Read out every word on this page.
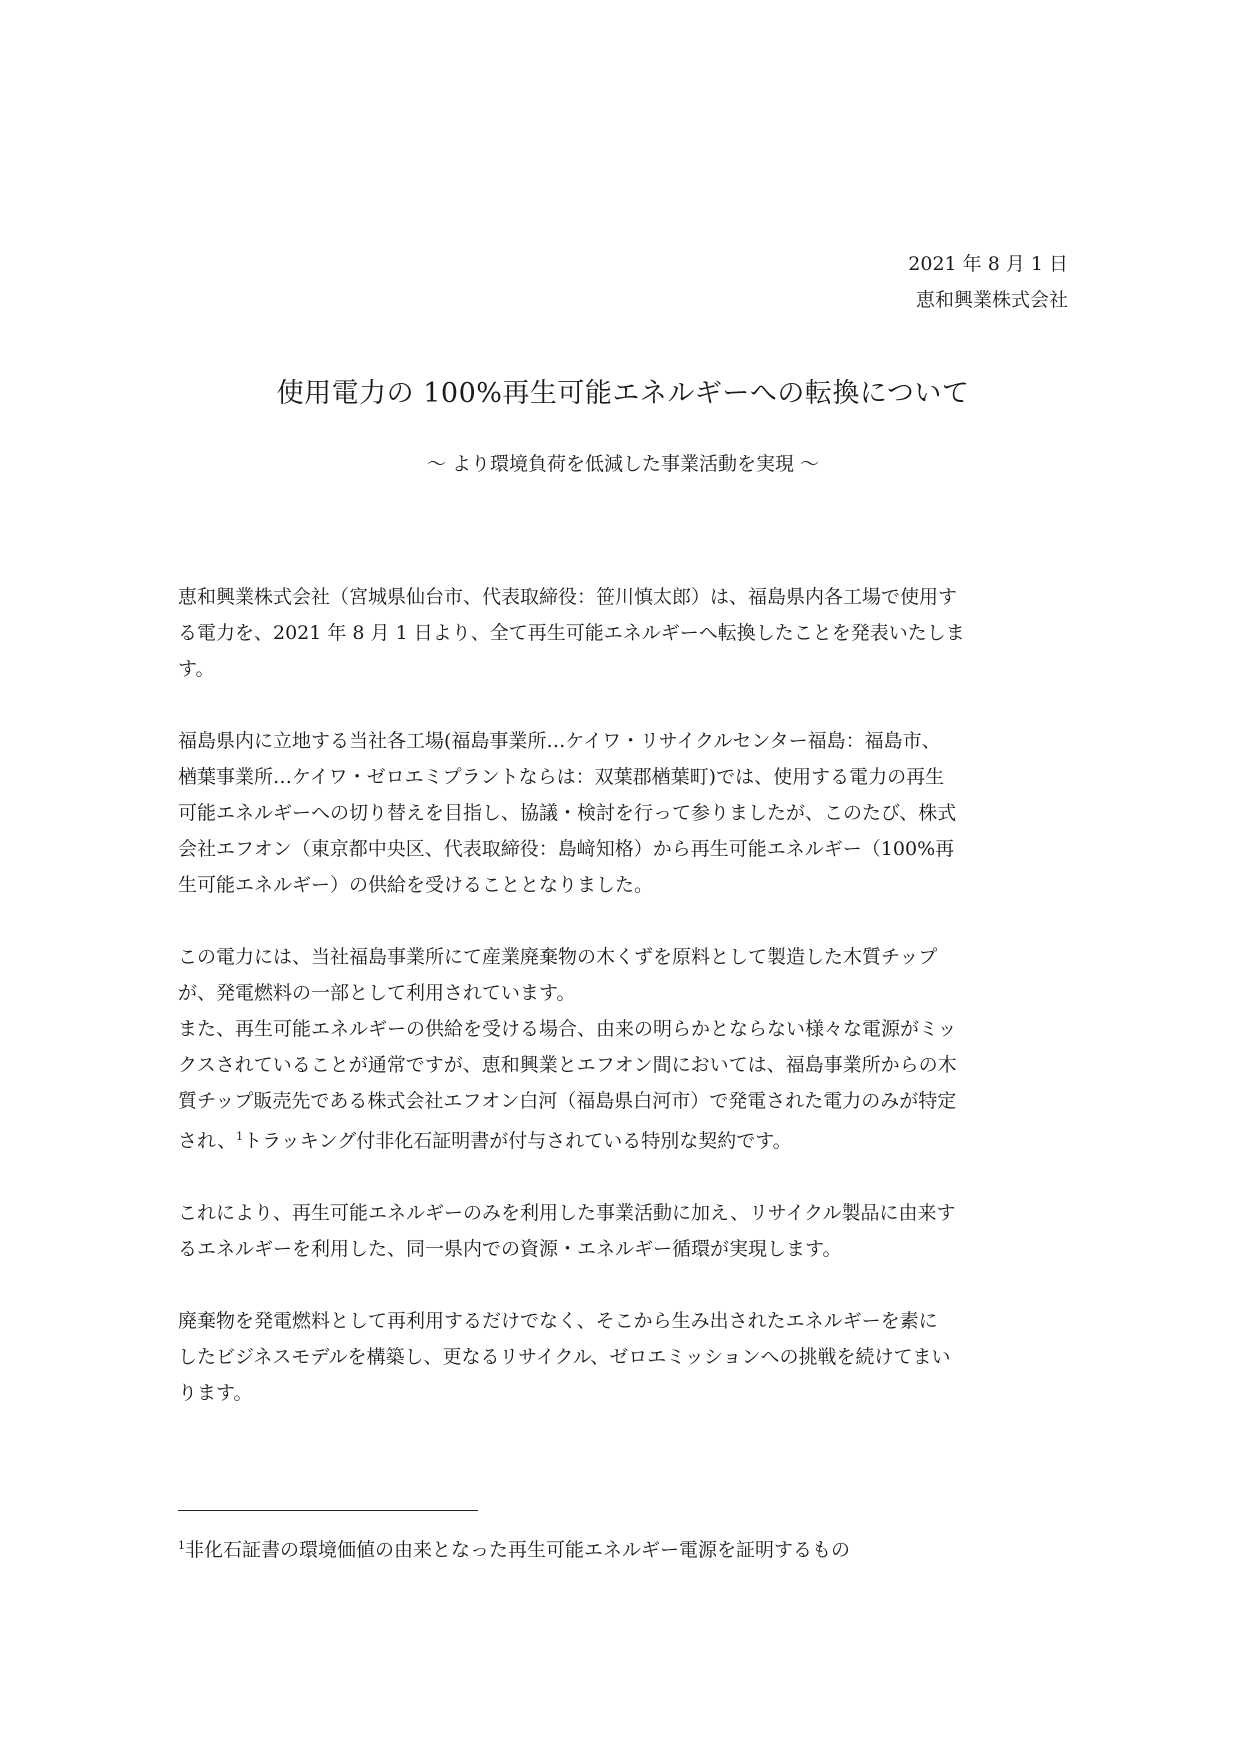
2021 年 8 月 1 日
恵和興業株式会社
使用電力の 100%再生可能エネルギーへの転換について
～ より環境負荷を低減した事業活動を実現 ～
恵和興業株式会社（宮城県仙台市、代表取締役：笹川慎太郎）は、福島県内各工場で使用す
る電力を、2021 年 8 月 1 日より、全て再生可能エネルギーへ転換したことを発表いたしま
す。
福島県内に立地する当社各工場(福島事業所…ケイワ・リサイクルセンター福島：福島市、
楢葉事業所…ケイワ・ゼロエミプラントならは：双葉郡楢葉町)では、使用する電力の再生
可能エネルギーへの切り替えを目指し、協議・検討を行って参りましたが、このたび、株式
会社エフオン（東京都中央区、代表取締役：島﨑知格）から再生可能エネルギー（100%再
生可能エネルギー）の供給を受けることとなりました。
この電力には、当社福島事業所にて産業廃棄物の木くずを原料として製造した木質チップ
が、発電燃料の一部として利用されています。
また、再生可能エネルギーの供給を受ける場合、由来の明らかとならない様々な電源がミッ
クスされていることが通常ですが、恵和興業とエフオン間においては、福島事業所からの木
質チップ販売先である株式会社エフオン白河（福島県白河市）で発電された電力のみが特定
され、$^1$トラッキング付非化石証明書が付与されている特別な契約です。
これにより、再生可能エネルギーのみを利用した事業活動に加え、リサイクル製品に由来す
るエネルギーを利用した、同一県内での資源・エネルギー循環が実現します。
廃棄物を発電燃料として再利用するだけでなく、そこから生み出されたエネルギーを素に
したビジネスモデルを構築し、更なるリサイクル、ゼロエミッションへの挑戦を続けてまい
ります。
$^1$非化石証書の環境価値の由来となった再生可能エネルギー電源を証明するもの
